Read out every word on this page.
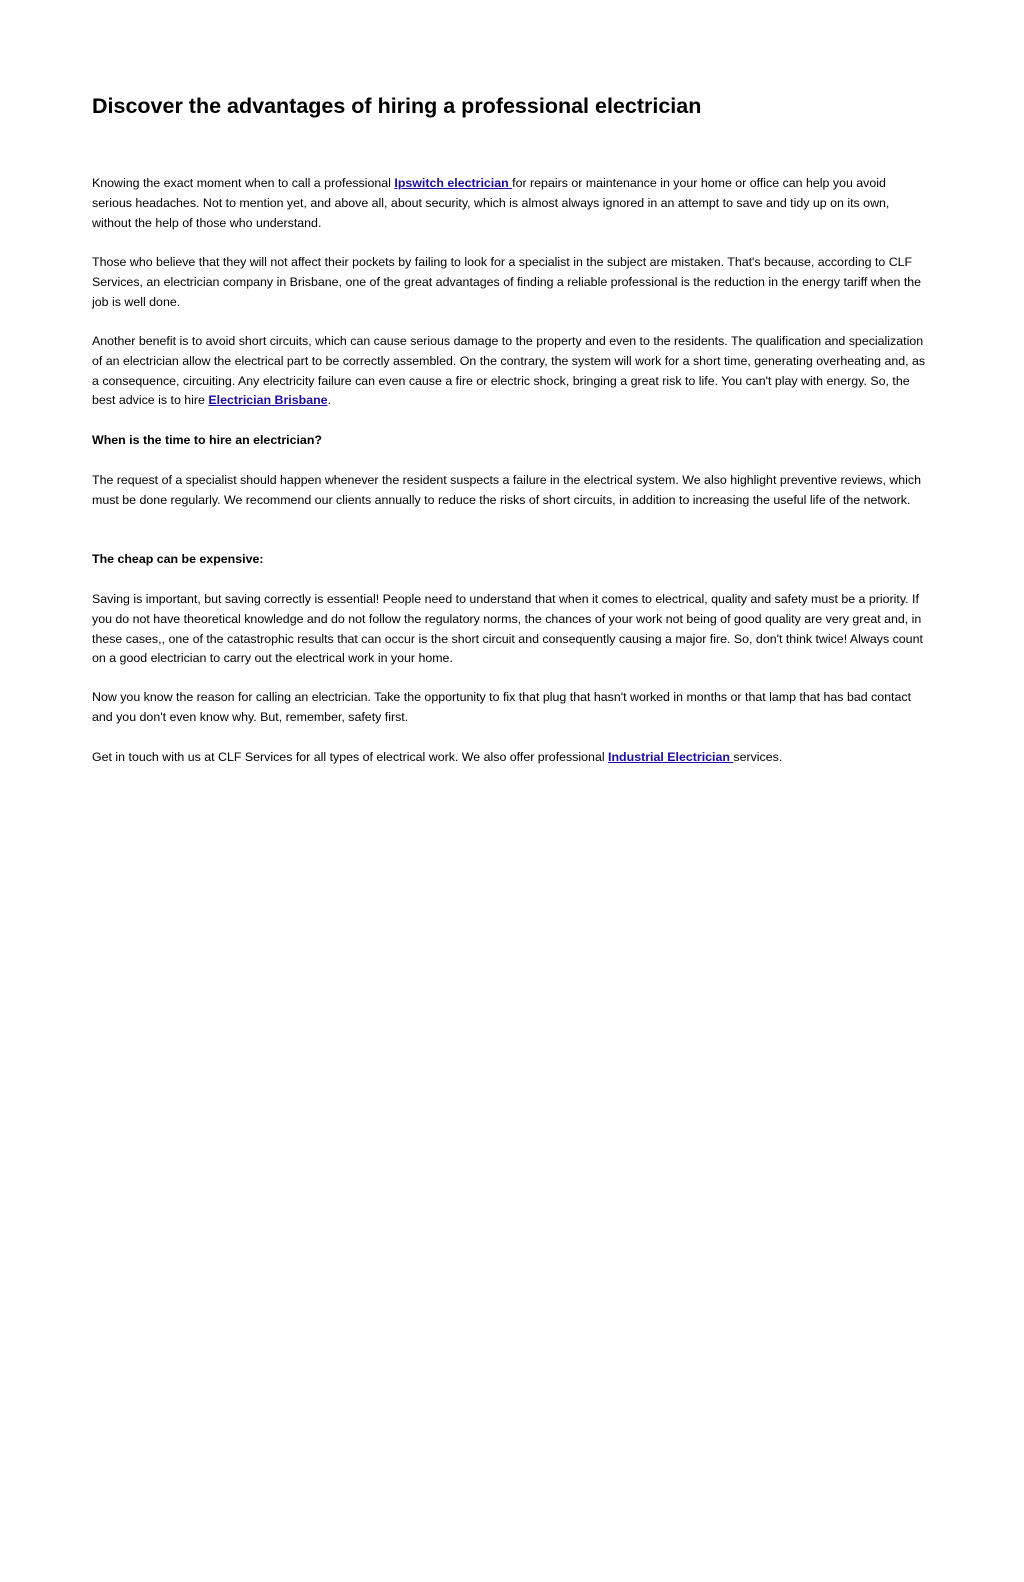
Discover the advantages of hiring a professional electrician

Knowing the exact moment when to call a professional Ipswitch electrician for repairs or maintenance in your home or office can help you avoid serious headaches. Not to mention yet, and above all, about security, which is almost always ignored in an attempt to save and tidy up on its own, without the help of those who understand.

Those who believe that they will not affect their pockets by failing to look for a specialist in the subject are mistaken. That's because, according to CLF Services, an electrician company in Brisbane, one of the great advantages of finding a reliable professional is the reduction in the energy tariff when the job is well done.

Another benefit is to avoid short circuits, which can cause serious damage to the property and even to the residents. The qualification and specialization of an electrician allow the electrical part to be correctly assembled. On the contrary, the system will work for a short time, generating overheating and, as a consequence, circuiting. Any electricity failure can even cause a fire or electric shock, bringing a great risk to life. You can't play with energy. So, the best advice is to hire Electrician Brisbane.

When is the time to hire an electrician?

The request of a specialist should happen whenever the resident suspects a failure in the electrical system. We also highlight preventive reviews, which must be done regularly. We recommend our clients annually to reduce the risks of short circuits, in addition to increasing the useful life of the network.

The cheap can be expensive:

Saving is important, but saving correctly is essential! People need to understand that when it comes to electrical, quality and safety must be a priority. If you do not have theoretical knowledge and do not follow the regulatory norms, the chances of your work not being of good quality are very great and, in these cases,, one of the catastrophic results that can occur is the short circuit and consequently causing a major fire. So, don't think twice! Always count on a good electrician to carry out the electrical work in your home.

Now you know the reason for calling an electrician. Take the opportunity to fix that plug that hasn't worked in months or that lamp that has bad contact and you don't even know why. But, remember, safety first.

Get in touch with us at CLF Services for all types of electrical work. We also offer professional Industrial Electrician services.
